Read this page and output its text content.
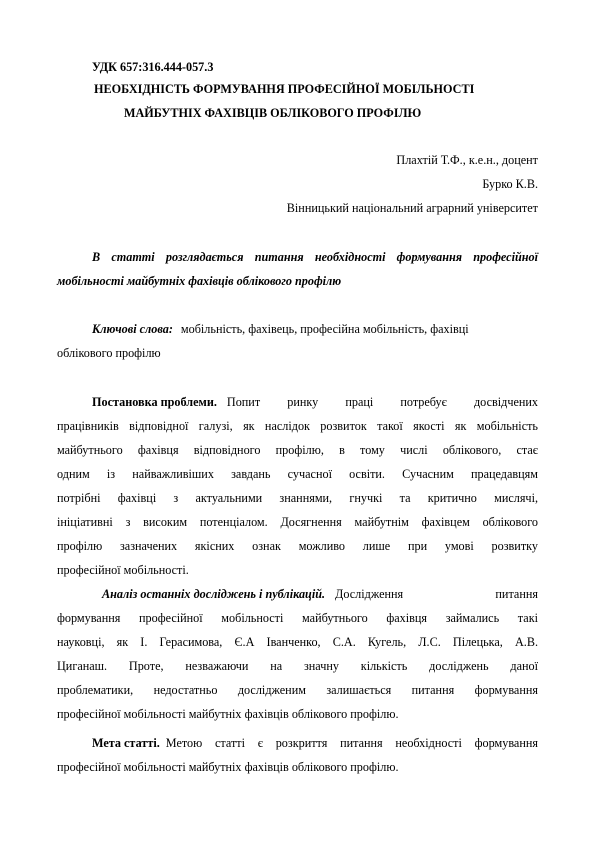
УДК 657:316.444-057.3
НЕОБХІДНІСТЬ ФОРМУВАННЯ ПРОФЕСІЙНОЇ МОБІЛЬНОСТІ
МАЙБУТНІХ ФАХІВЦІВ ОБЛІКОВОГО ПРОФІЛЮ
Плахтій Т.Ф., к.е.н., доцент
Бурко К.В.
Вінницький національний аграрний університет
В статті розглядається питання необхідності формування професійної
мобільності майбутніх фахівців облікового профілю
Ключові слова: мобільність, фахівець, професійна мобільність, фахівці
облікового профілю
Постановка проблеми. Попит ринку праці потребує досвідчених
працівників відповідної галузі, як наслідок розвиток такої якості як мобільність
майбутнього фахівця відповідного профілю, в тому числі облікового, стає
одним із найважливіших завдань сучасної освіти. Сучасним працедавцям
потрібні фахівці з актуальними знаннями, гнучкі та критично мислячі,
ініціативні з високим потенціалом. Досягнення майбутнім фахівцем облікового
профілю зазначених якісних ознак можливо лише при умові розвитку
професійної мобільності.
Аналіз останніх досліджень і публікацій. Дослідження питання
формування професійної мобільності майбутнього фахівця займались такі
науковці, як І. Герасимова, Є.А Іванченко, С.А. Кугель, Л.С. Пілецька, А.В.
Циганаш. Проте, незважаючи на значну кількість досліджень даної
проблематики, недостатньо дослідженим залишається питання формування
професійної мобільності майбутніх фахівців облікового профілю.
Мета статті. Метою статті є розкриття питання необхідності формування
професійної мобільності майбутніх фахівців облікового профілю.
